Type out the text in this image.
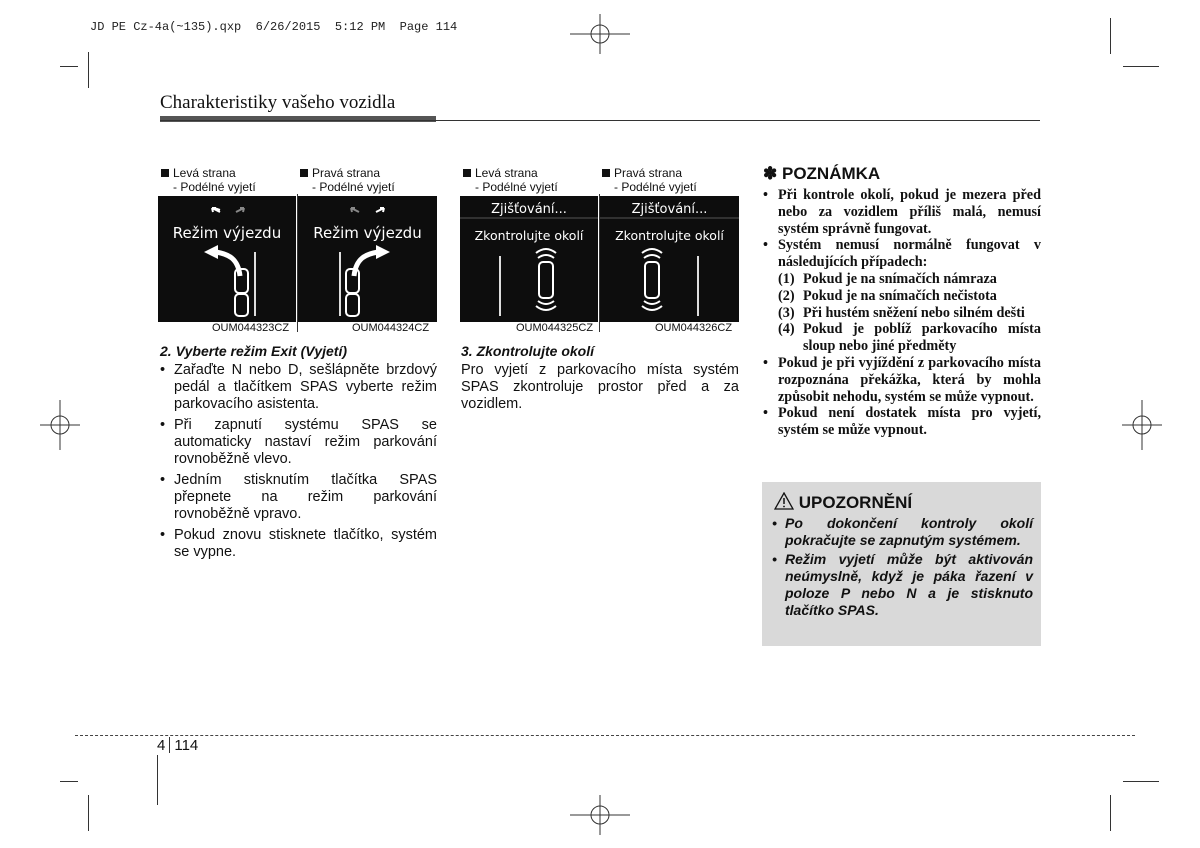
JD PE Cz-4a(~135).qxp  6/26/2015  5:12 PM  Page 114
Charakteristiky vašeho vozidla
Levá strana
- Podélné vyjetí
Pravá strana
- Podélné vyjetí
Režim výjezdu	Režim výjezdu
OUM044323CZ	OUM044324CZ
Levá strana
- Podélné vyjetí
Pravá strana
- Podélné vyjetí
Zjišťování...
Zkontrolujte okolí
Zjišťování...
Zkontrolujte okolí
OUM044325CZ	OUM044326CZ
2. Vyberte režim Exit (Vyjetí)
• Zařaďte N nebo D, sešlápněte brzdový pedál a tlačítkem SPAS vyberte režim parkovacího asistenta.
• Při zapnutí systému SPAS se automaticky nastaví režim parkování rovnoběžně vlevo.
• Jedním stisknutím tlačítka SPAS přepnete na režim parkování rovnoběžně vpravo.
• Pokud znovu stisknete tlačítko, systém se vypne.
3. Zkontrolujte okolí
Pro vyjetí z parkovacího místa systém SPAS zkontroluje prostor před a za vozidlem.
✽ POZNÁMKA
• Při kontrole okolí, pokud je mezera před nebo za vozidlem příliš malá, nemusí systém správně fungovat.
• Systém nemusí normálně fungovat v následujících případech:
(1) Pokud je na snímačích námraza
(2) Pokud je na snímačích nečistota
(3) Při hustém sněžení nebo silném dešti
(4) Pokud je poblíž parkovacího místa sloup nebo jiné předměty
• Pokud je při vyjíždění z parkovacího místa rozpoznána překážka, která by mohla způsobit nehodu, systém se může vypnout.
• Pokud není dostatek místa pro vyjetí, systém se může vypnout.
UPOZORNĚNÍ
• Po dokončení kontroly okolí pokračujte se zapnutým systémem.
• Režim vyjetí může být aktivován neúmyslně, když je páka řazení v poloze P nebo N a je stisknuto tlačítko SPAS.
4 114
